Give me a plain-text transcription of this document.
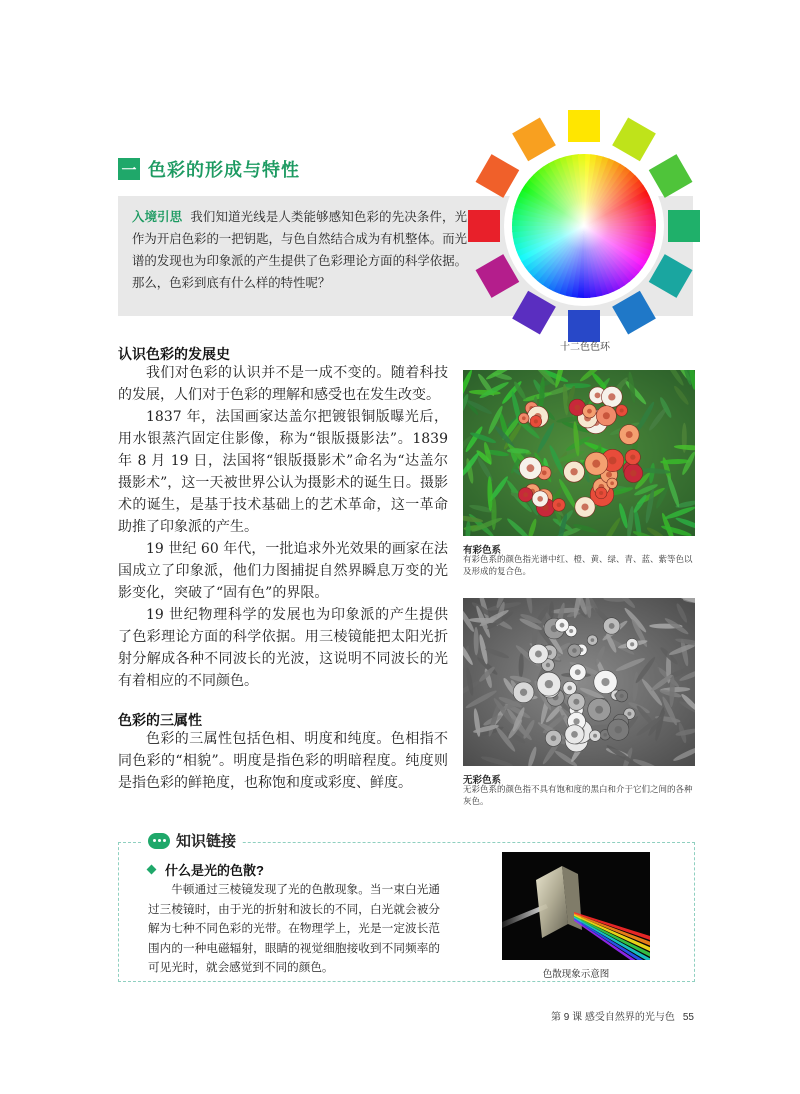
一 色彩的形成与特性
入境引思 我们知道光线是人类能够感知色彩的先决条件，光作为开启色彩的一把钥匙，与色自然结合成为有机整体。而光谱的发现也为印象派的产生提供了色彩理论方面的科学依据。那么，色彩到底有什么样的特性呢？
十二色色环
认识色彩的发展史

我们对色彩的认识并不是一成不变的。随着科技的发展，人们对于色彩的理解和感受也在发生改变。

1837 年，法国画家达盖尔把镀银铜版曝光后，用水银蒸汽固定住影像，称为“银版摄影法”。1839 年 8 月 19 日，法国将“银版摄影术”命名为“达盖尔摄影术”，这一天被世界公认为摄影术的诞生日。摄影术的诞生，是基于技术基础上的艺术革命，这一革命助推了印象派的产生。

19 世纪 60 年代，一批追求外光效果的画家在法国成立了印象派，他们力图捕捉自然界瞬息万变的光影变化，突破了“固有色”的界限。

19 世纪物理科学的发展也为印象派的产生提供了色彩理论方面的科学依据。用三棱镜能把太阳光折射分解成各种不同波长的光波，这说明不同波长的光有着相应的不同颜色。

色彩的三属性

色彩的三属性包括色相、明度和纯度。色相指不同色彩的“相貌”。明度是指色彩的明暗程度。纯度则是指色彩的鲜艳度，也称饱和度或彩度、鲜度。

有彩色系
有彩色系的颜色指光谱中红、橙、黄、绿、青、蓝、紫等色以及形成的复合色。
无彩色系
无彩色系的颜色指不具有饱和度的黑白和介于它们之间的各种灰色。
知识链接
什么是光的色散?

牛顿通过三棱镜发现了光的色散现象。当一束白光通过三棱镜时，由于光的折射和波长的不同，白光就会被分解为七种不同色彩的光带。在物理学上，光是一定波长范围内的一种电磁辐射，眼睛的视觉细胞接收到不同频率的可见光时，就会感觉到不同的颜色。

色散现象示意图
第 9 课 感受自然界的光与色 55
